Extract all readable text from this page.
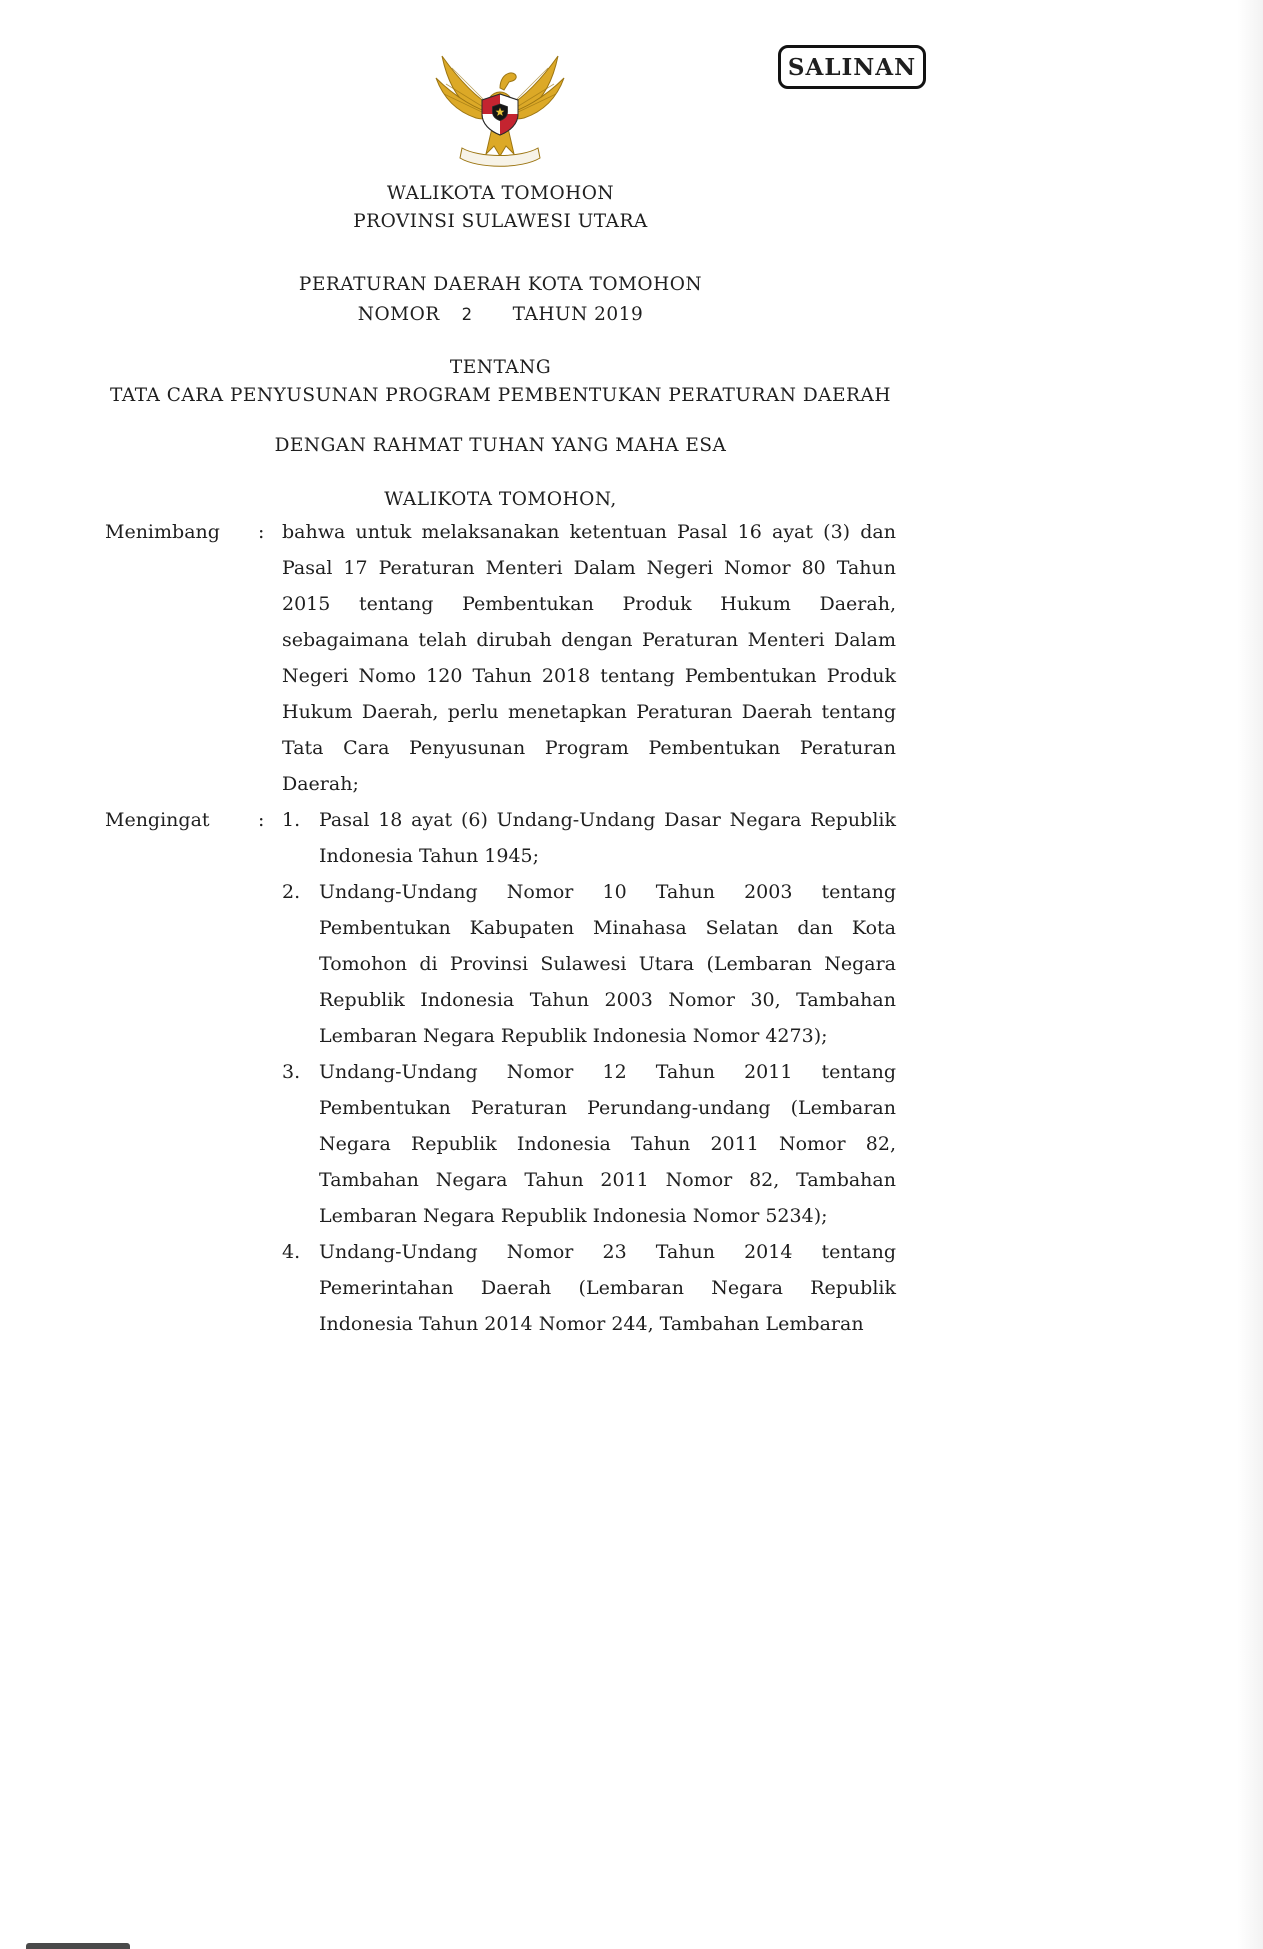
SALINAN
WALIKOTA TOMOHON
PROVINSI SULAWESI UTARA
PERATURAN DAERAH KOTA TOMOHON
NOMOR 2 TAHUN 2019
TENTANG
TATA CARA PENYUSUNAN PROGRAM PEMBENTUKAN PERATURAN DAERAH
DENGAN RAHMAT TUHAN YANG MAHA ESA
WALIKOTA TOMOHON,
Menimbang	: bahwa untuk melaksanakan ketentuan Pasal 16 ayat (3) dan Pasal 17 Peraturan Menteri Dalam Negeri Nomor 80 Tahun 2015 tentang Pembentukan Produk Hukum Daerah, sebagaimana telah dirubah dengan Peraturan Menteri Dalam Negeri Nomo 120 Tahun 2018 tentang Pembentukan Produk Hukum Daerah, perlu menetapkan Peraturan Daerah tentang Tata Cara Penyusunan Program Pembentukan Peraturan Daerah;
Mengingat	: 1. Pasal 18 ayat (6) Undang-Undang Dasar Negara Republik Indonesia Tahun 1945;
2. Undang-Undang Nomor 10 Tahun 2003 tentang Pembentukan Kabupaten Minahasa Selatan dan Kota Tomohon di Provinsi Sulawesi Utara (Lembaran Negara Republik Indonesia Tahun 2003 Nomor 30, Tambahan Lembaran Negara Republik Indonesia Nomor 4273);
3. Undang-Undang Nomor 12 Tahun 2011 tentang Pembentukan Peraturan Perundang-undang (Lembaran Negara Republik Indonesia Tahun 2011 Nomor 82, Tambahan Negara Tahun 2011 Nomor 82, Tambahan Lembaran Negara Republik Indonesia Nomor 5234);
4. Undang-Undang Nomor 23 Tahun 2014 tentang Pemerintahan Daerah (Lembaran Negara Republik Indonesia Tahun 2014 Nomor 244, Tambahan Lembaran
